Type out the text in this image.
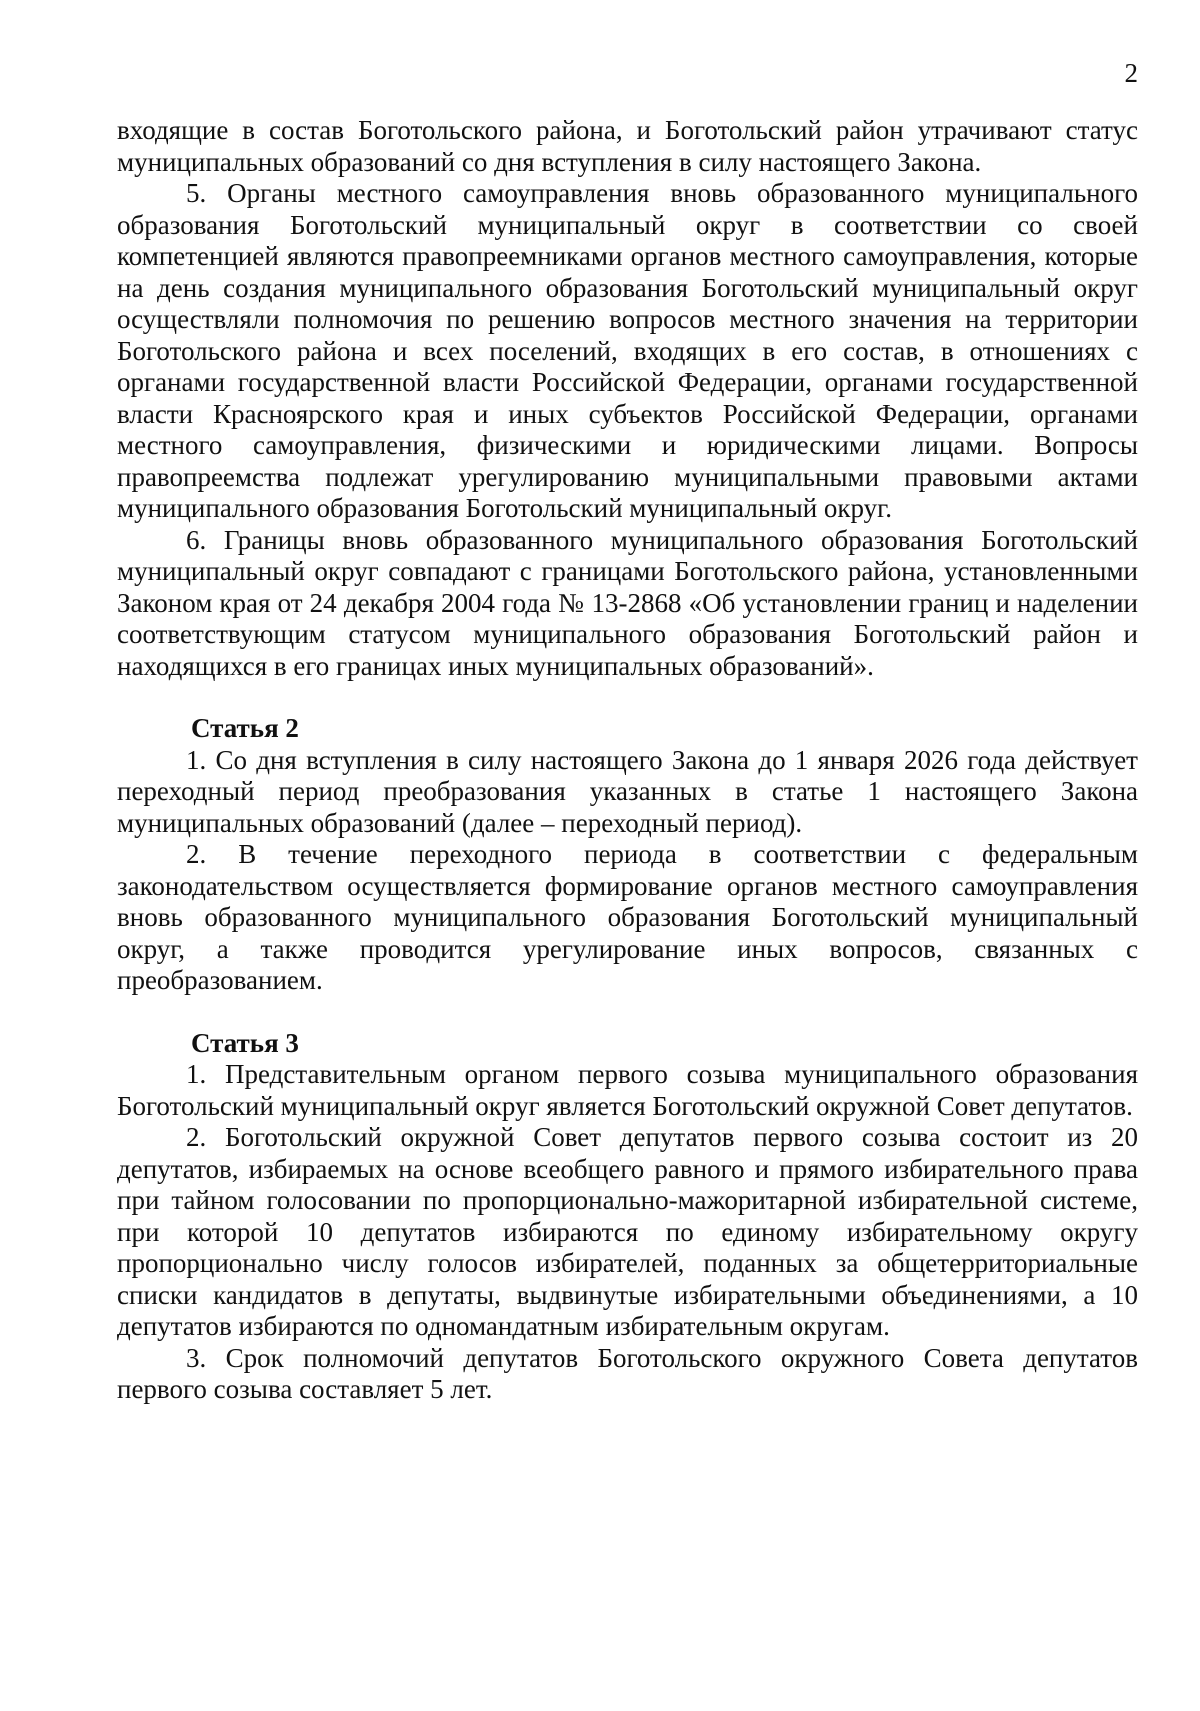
2

входящие в состав Боготольского района, и Боготольский район утрачивают статус муниципальных образований со дня вступления в силу настоящего Закона.

5. Органы местного самоуправления вновь образованного муниципального образования Боготольский муниципальный округ в соответствии со своей компетенцией являются правопреемниками органов местного самоуправления, которые на день создания муниципального образования Боготольский муниципальный округ осуществляли полномочия по решению вопросов местного значения на территории Боготольского района и всех поселений, входящих в его состав, в отношениях с органами государственной власти Российской Федерации, органами государственной власти Красноярского края и иных субъектов Российской Федерации, органами местного самоуправления, физическими и юридическими лицами. Вопросы правопреемства подлежат урегулированию муниципальными правовыми актами муниципального образования Боготольский муниципальный округ.

6. Границы вновь образованного муниципального образования Боготольский муниципальный округ совпадают с границами Боготольского района, установленными Законом края от 24 декабря 2004 года № 13-2868 «Об установлении границ и наделении соответствующим статусом муниципального образования Боготольский район и находящихся в его границах иных муниципальных образований».

Статья 2

1. Со дня вступления в силу настоящего Закона до 1 января 2026 года действует переходный период преобразования указанных в статье 1 настоящего Закона муниципальных образований (далее – переходный период).

2. В течение переходного периода в соответствии с федеральным законодательством осуществляется формирование органов местного самоуправления вновь образованного муниципального образования Боготольский муниципальный округ, а также проводится урегулирование иных вопросов, связанных с преобразованием.

Статья 3

1. Представительным органом первого созыва муниципального образования Боготольский муниципальный округ является Боготольский окружной Совет депутатов.

2. Боготольский окружной Совет депутатов первого созыва состоит из 20 депутатов, избираемых на основе всеобщего равного и прямого избирательного права при тайном голосовании по пропорционально-мажоритарной избирательной системе, при которой 10 депутатов избираются по единому избирательному округу пропорционально числу голосов избирателей, поданных за общетерриториальные списки кандидатов в депутаты, выдвинутые избирательными объединениями, а 10 депутатов избираются по одномандатным избирательным округам.

3. Срок полномочий депутатов Боготольского окружного Совета депутатов первого созыва составляет 5 лет.
